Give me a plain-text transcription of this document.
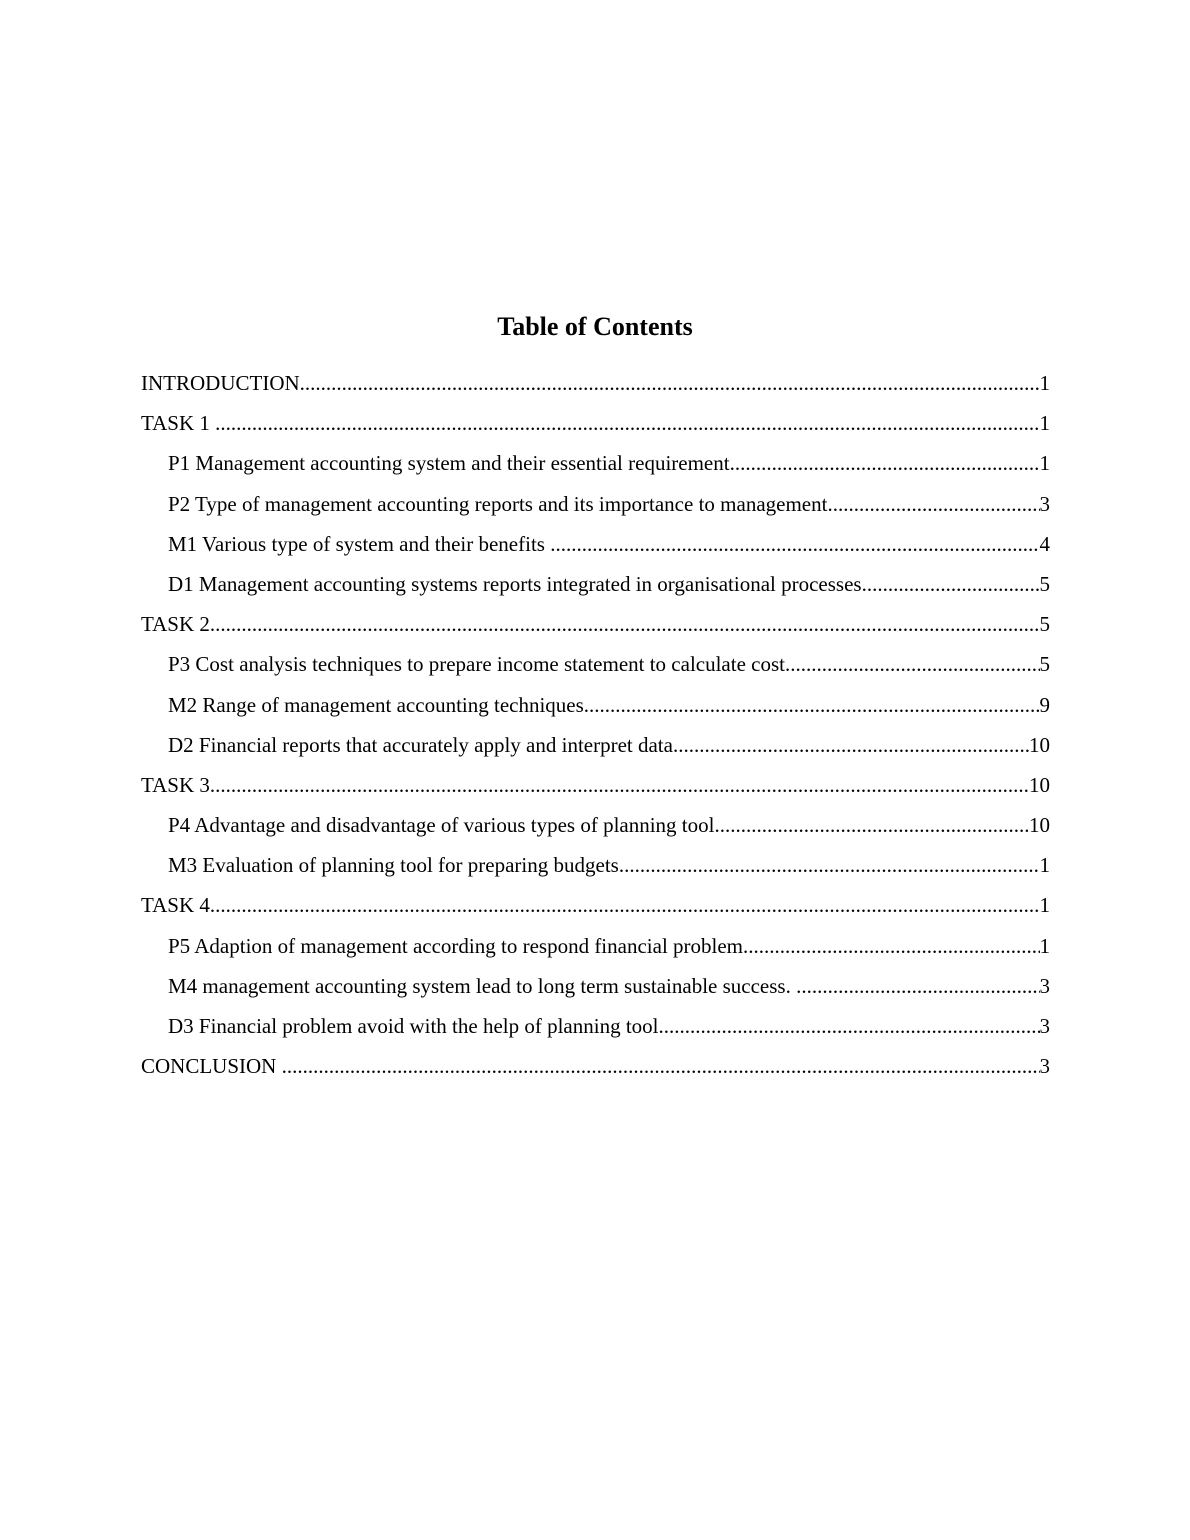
Table of Contents
INTRODUCTION .....	1
TASK 1 .....	1
P1 Management accounting system and their essential requirement .....	1
P2 Type of management accounting reports and its importance to management .....	3
M1 Various type of system and their benefits .....	4
D1 Management accounting systems reports integrated in organisational processes .....	5
TASK 2 .....	5
P3 Cost analysis techniques to prepare income statement to calculate cost .....	5
M2 Range of management accounting techniques .....	9
D2 Financial reports that accurately apply and interpret data .....	10
TASK 3 .....	10
P4 Advantage and disadvantage of various types of planning tool .....	10
M3 Evaluation of planning tool for preparing budgets .....	1
TASK 4 .....	1
P5 Adaption of management according to respond financial problem .....	1
M4 management accounting system lead to long term sustainable success. .....	3
D3 Financial problem avoid with the help of planning tool .....	3
CONCLUSION .....	3
